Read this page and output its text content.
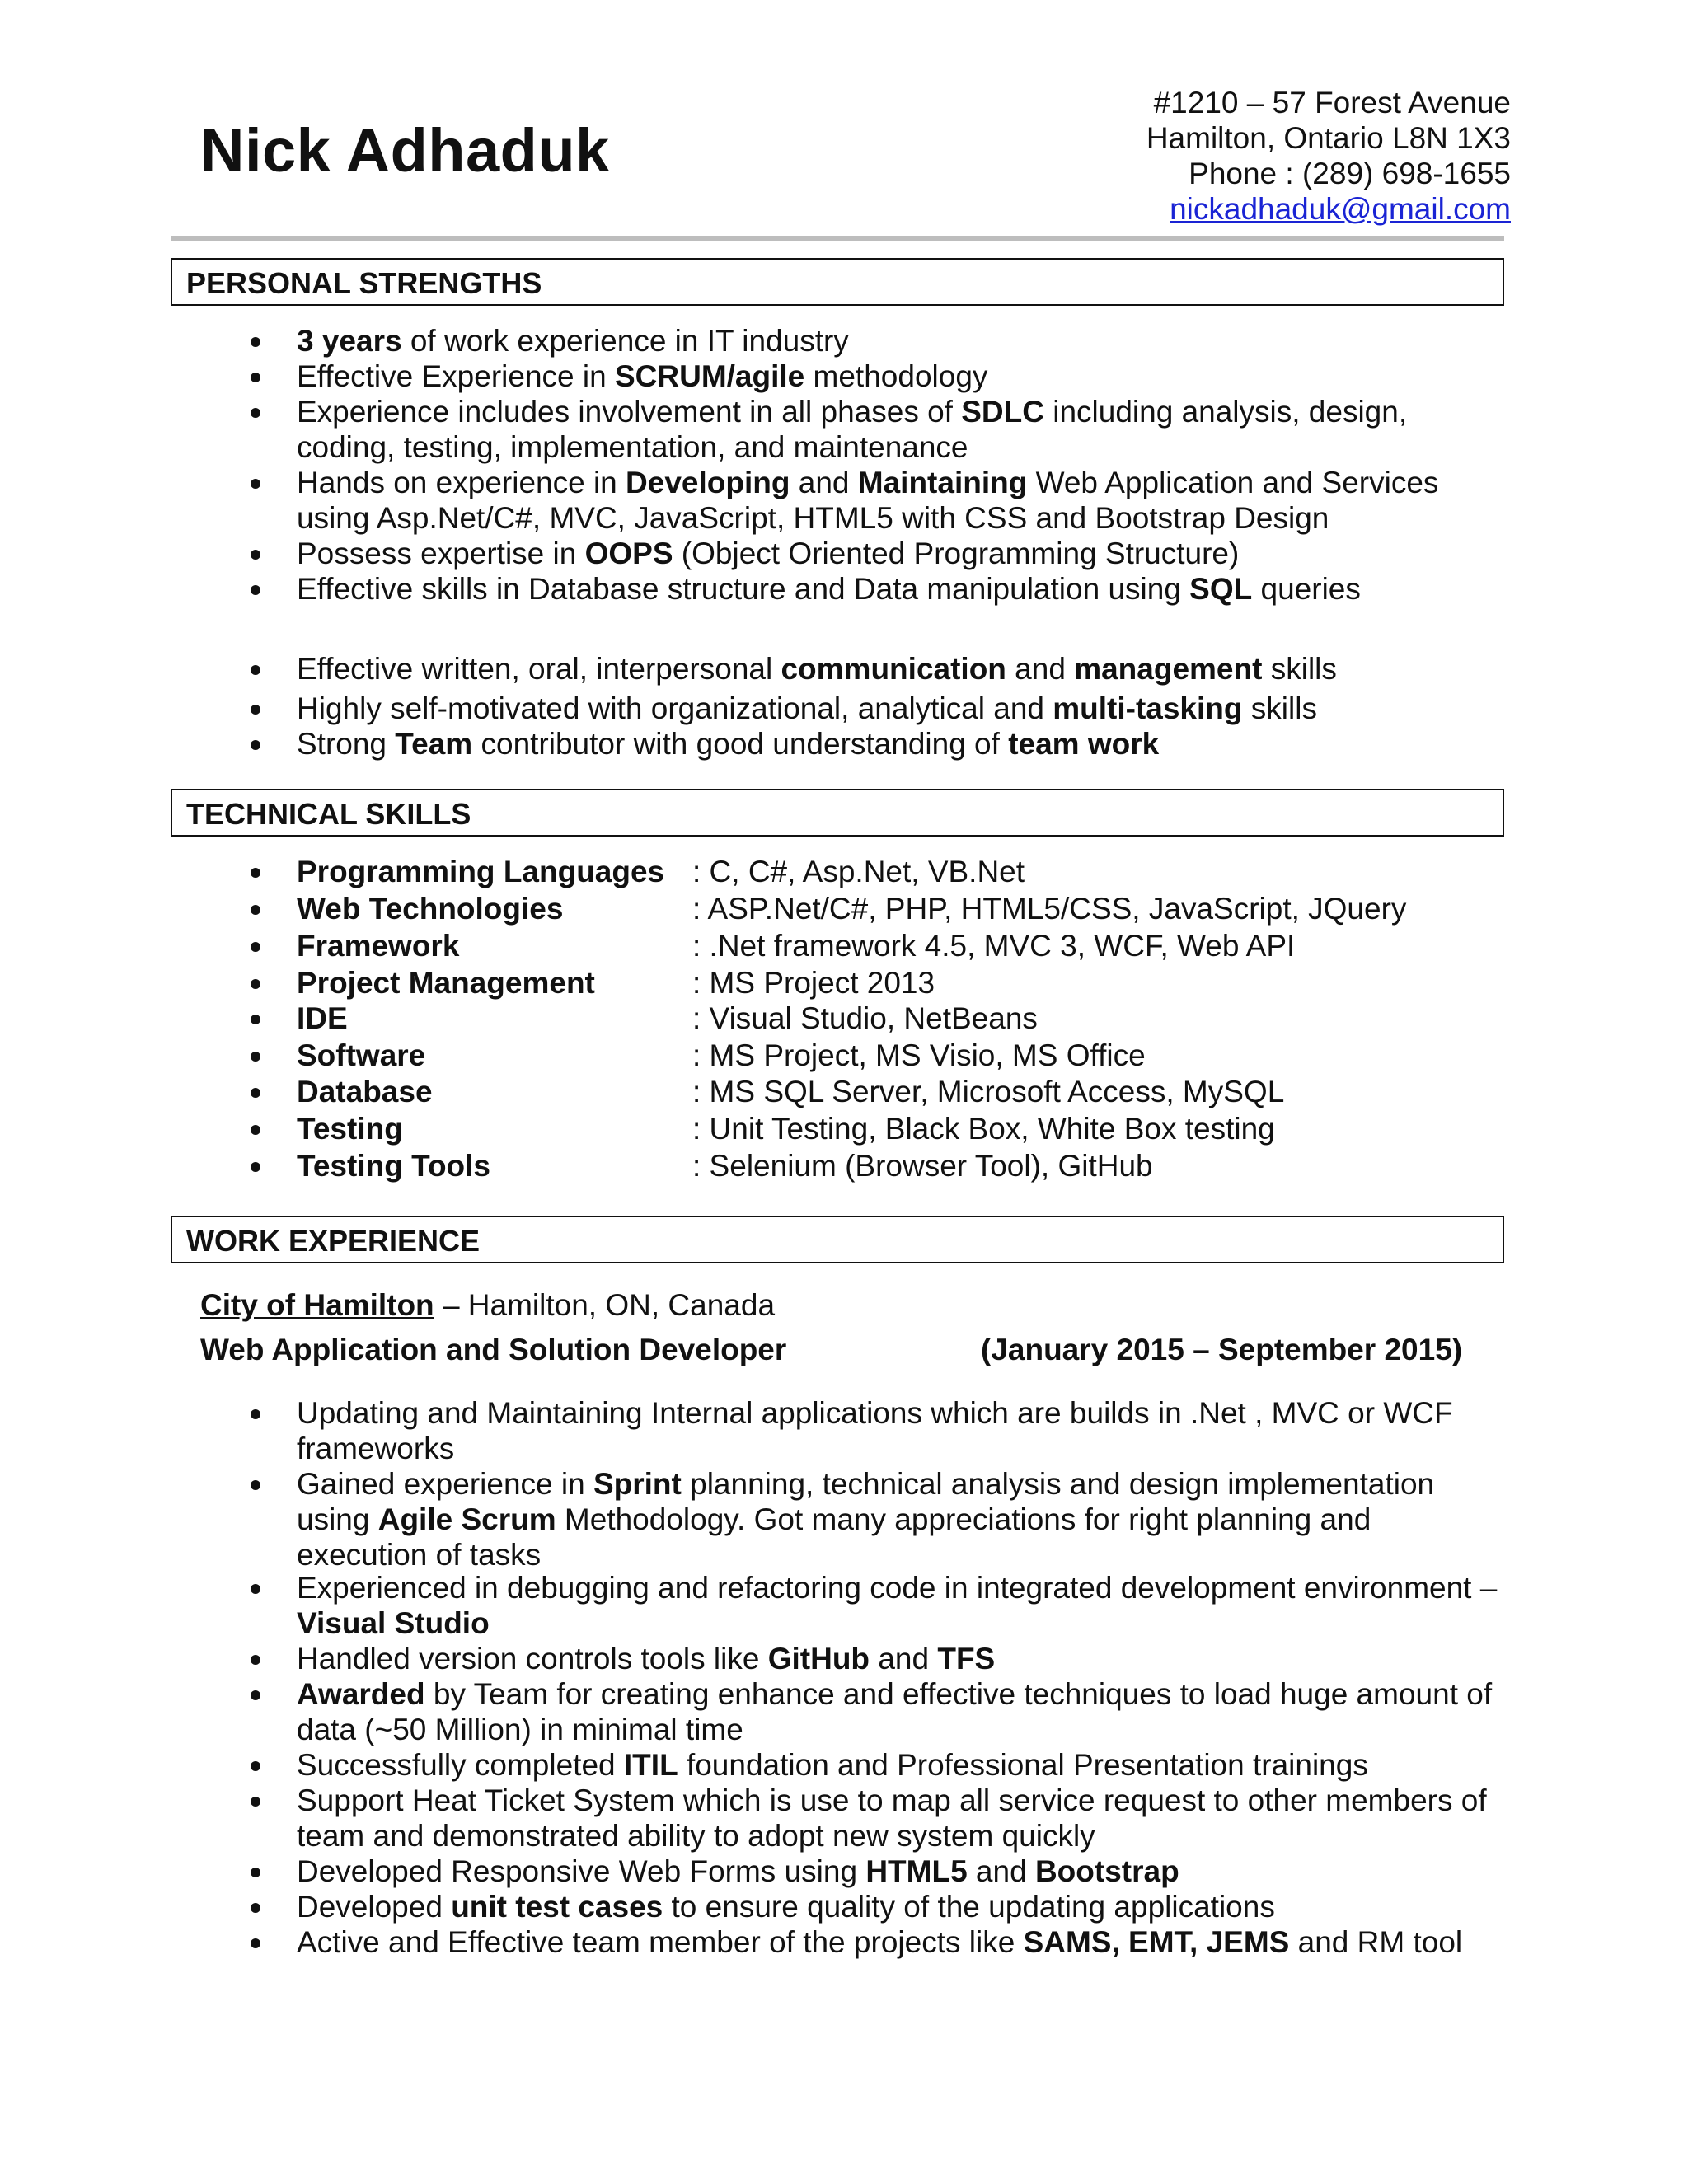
Nick Adhaduk
#1210 – 57 Forest Avenue
Hamilton, Ontario L8N 1X3
Phone : (289) 698-1655
nickadhaduk@gmail.com
PERSONAL STRENGTHS
3 years of work experience in IT industry
Effective Experience in SCRUM/agile methodology
Experience includes involvement in all phases of SDLC including analysis, design, coding, testing, implementation, and maintenance
Hands on experience in Developing and Maintaining Web Application and Services using Asp.Net/C#, MVC, JavaScript, HTML5 with CSS and Bootstrap Design
Possess expertise in OOPS (Object Oriented Programming Structure)
Effective skills in Database structure and Data manipulation using SQL queries
Effective written, oral, interpersonal communication and management skills
Highly self-motivated with organizational, analytical and multi-tasking skills
Strong Team contributor with good understanding of team work
TECHNICAL SKILLS
Programming Languages : C, C#, Asp.Net, VB.Net
Web Technologies	: ASP.Net/C#, PHP, HTML5/CSS, JavaScript, JQuery
Framework	: .Net framework 4.5, MVC 3, WCF, Web API
Project Management	: MS Project 2013
IDE	: Visual Studio, NetBeans
Software	: MS Project, MS Visio, MS Office
Database	: MS SQL Server, Microsoft Access, MySQL
Testing	: Unit Testing, Black Box, White Box testing
Testing Tools	: Selenium (Browser Tool), GitHub
WORK EXPERIENCE
City of Hamilton – Hamilton, ON, Canada
Web Application and Solution Developer	(January 2015 – September 2015)
Updating and Maintaining Internal applications which are builds in .Net , MVC or WCF frameworks
Gained experience in Sprint planning, technical analysis and design implementation using Agile Scrum Methodology. Got many appreciations for right planning and execution of tasks
Experienced in debugging and refactoring code in integrated development environment – Visual Studio
Handled version controls tools like GitHub and TFS
Awarded by Team for creating enhance and effective techniques to load huge amount of data (~50 Million) in minimal time
Successfully completed ITIL foundation and Professional Presentation trainings
Support Heat Ticket System which is use to map all service request to other members of team and demonstrated ability to adopt new system quickly
Developed Responsive Web Forms using HTML5 and Bootstrap
Developed unit test cases to ensure quality of the updating applications
Active and Effective team member of the projects like SAMS, EMT, JEMS and RM tool
